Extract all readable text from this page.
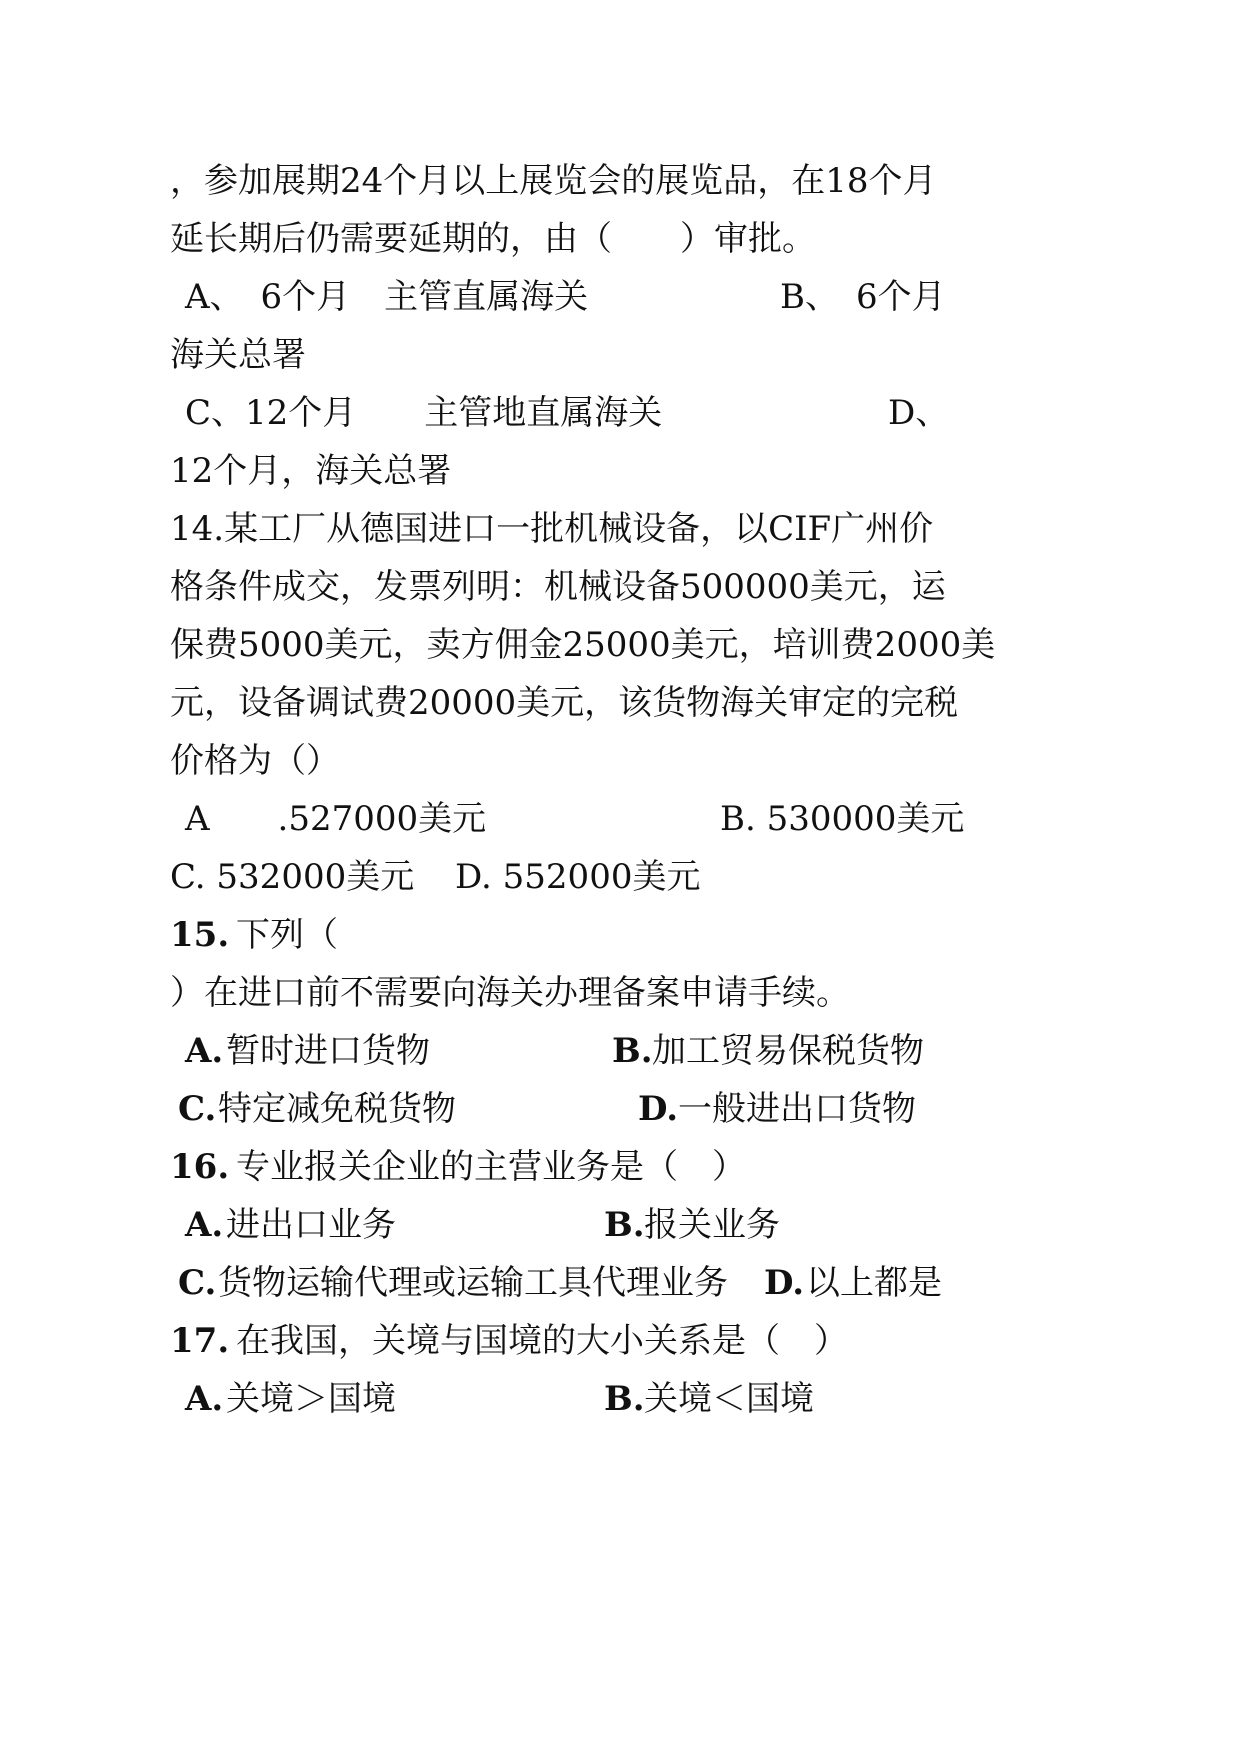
，参加展期24个月以上展览会的展览品，在18个月
延长期后仍需要延期的，由（　　）审批。
A、　6个月　主管直属海关	B、　6个月
海关总署
C、12个月　　主管地直属海关	D、
12个月，海关总署
14.某工厂从德国进口一批机械设备，以CIF广州价
格条件成交，发票列明：机械设备500000美元，运
保费5000美元，卖方佣金25000美元，培训费2000美
元，设备调试费20000美元，该货物海关审定的完税
价格为（）
A　　.527000美元	B. 530000美元
C. 532000美元 D. 552000美元
15. 下列（
）在进口前不需要向海关办理备案申请手续。
A. 暂时进口货物	B. 加工贸易保税货物
C. 特定减免税货物	D. 一般进出口货物
16. 专业报关企业的主营业务是（　）
A. 进出口业务	B. 报关业务
C. 货物运输代理或运输工具代理业务 D. 以上都是
17. 在我国，关境与国境的大小关系是（　）
A. 关境＞国境	B. 关境＜国境
